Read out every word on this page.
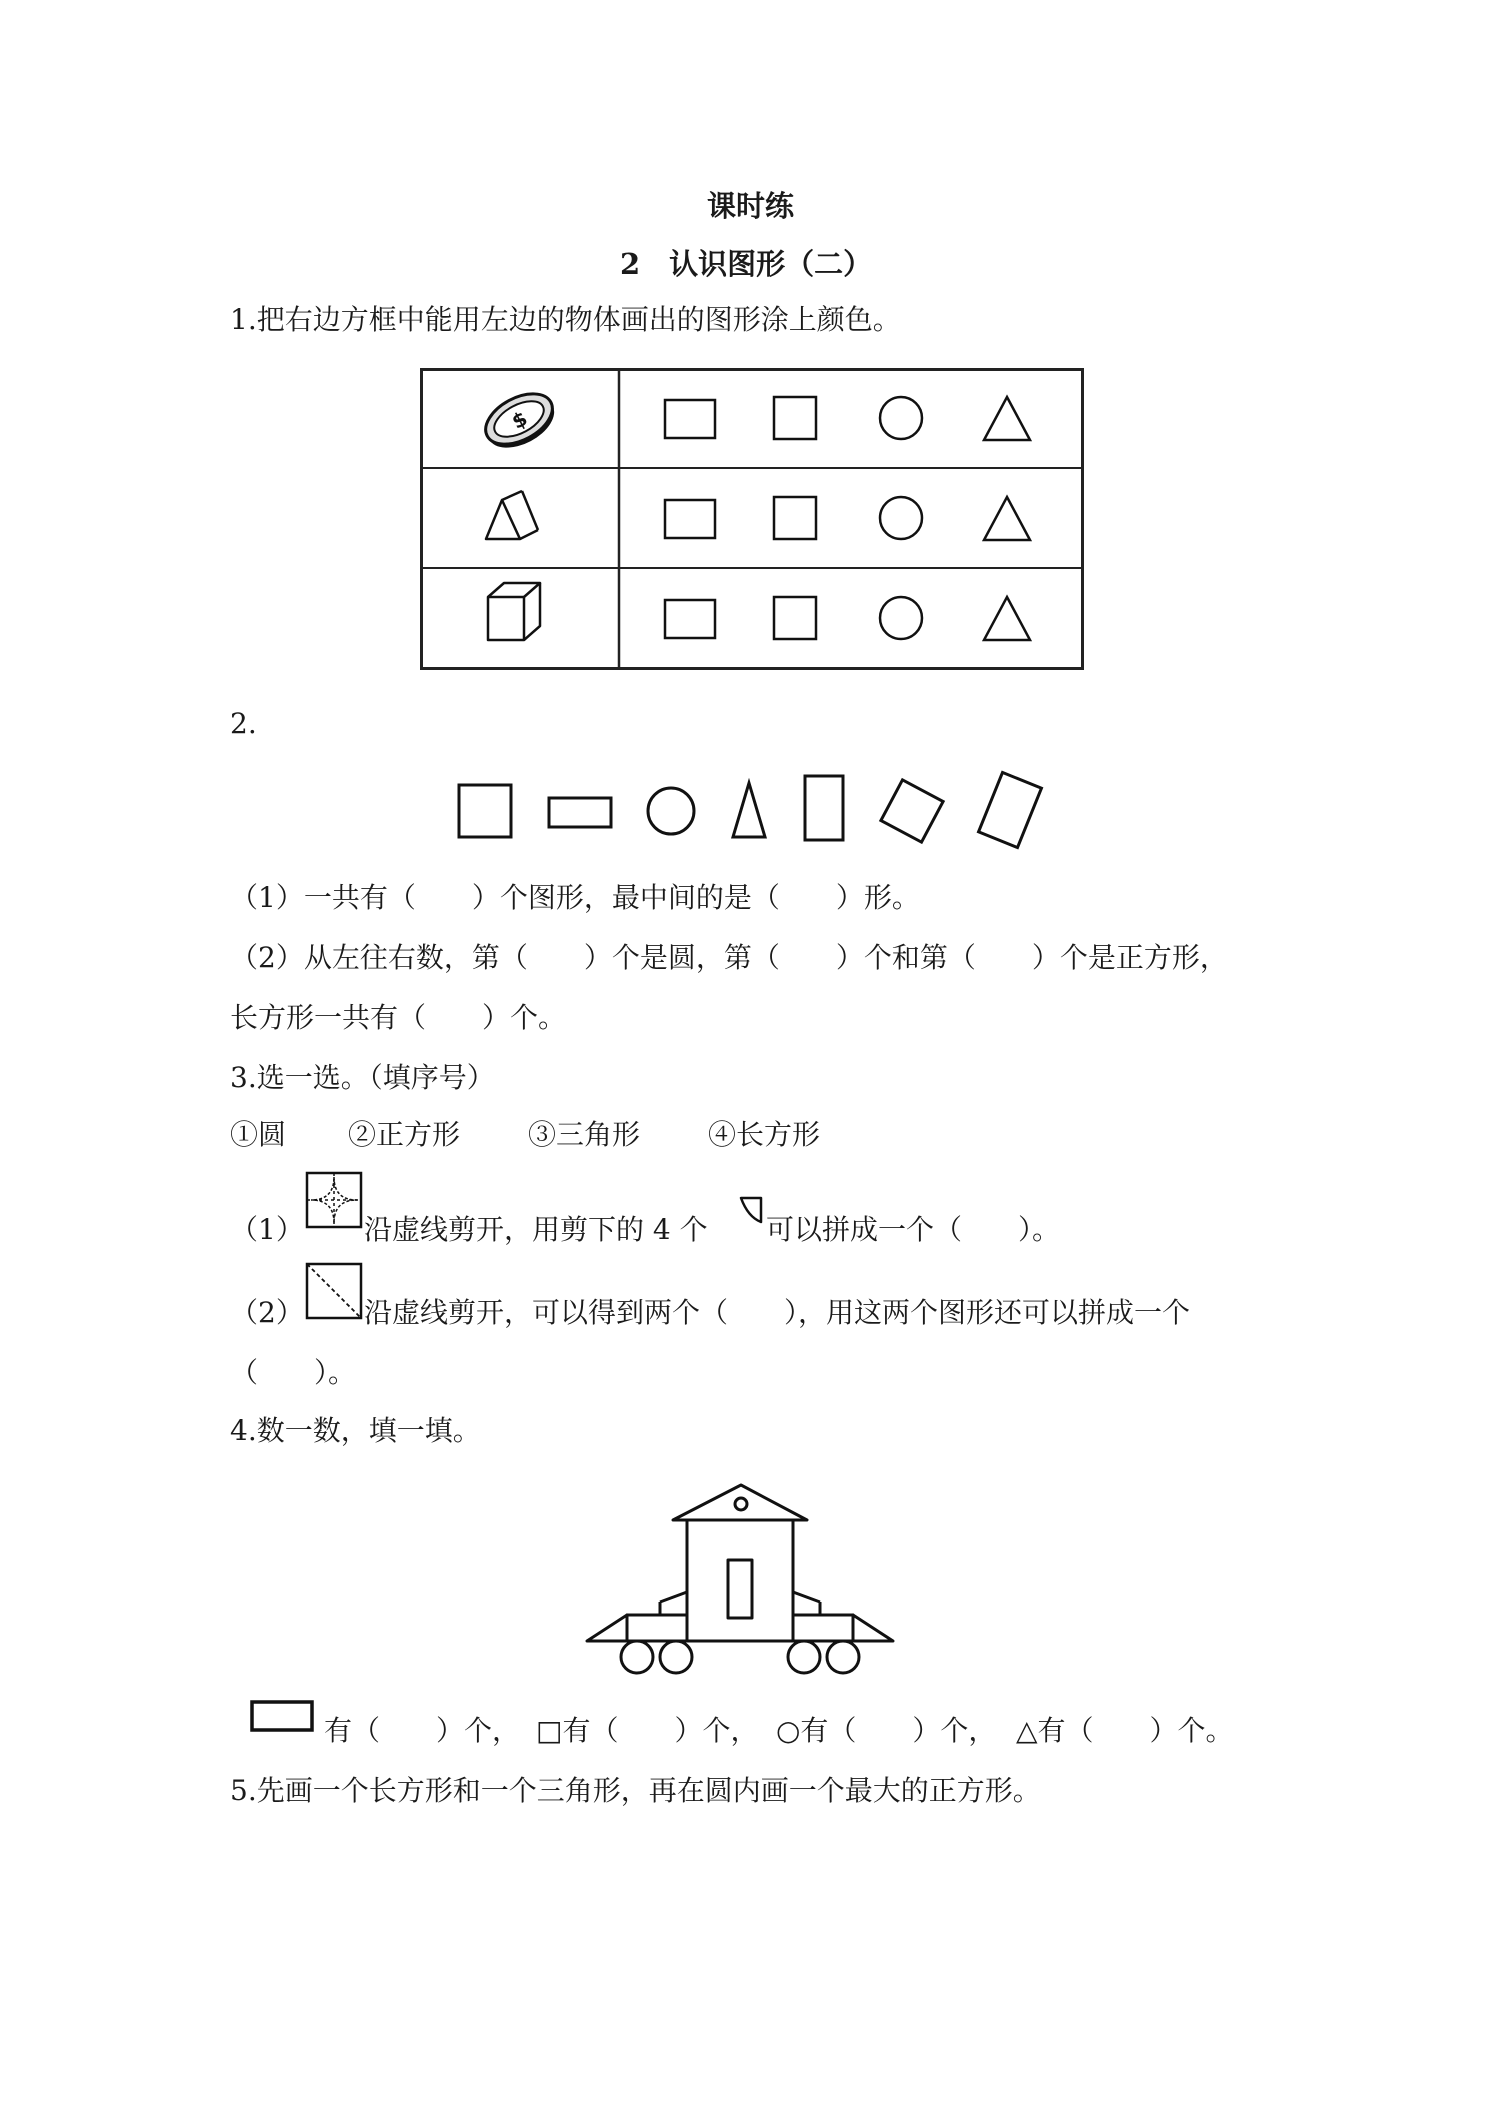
课时练
2　认识图形（二）
1.把右边方框中能用左边的物体画出的图形涂上颜色。
$
2.
（1）一共有（　　）个图形，最中间的是（　　）形。
（2）从左往右数，第（　　）个是圆，第（　　）个和第（　　）个是正方形，
长方形一共有（　　）个。
3.选一选。（填序号）
①圆 ②正方形 ③三角形 ④长方形
（1） 沿虚线剪开，用剪下的 4 个 可以拼成一个（　　）。
（2） 沿虚线剪开，可以得到两个（　　），用这两个图形还可以拼成一个
（　　）。
4.数一数，填一填。
有（　　）个， □有（　　）个， ○有（　　）个， △有（　　）个。
5.先画一个长方形和一个三角形，再在圆内画一个最大的正方形。
